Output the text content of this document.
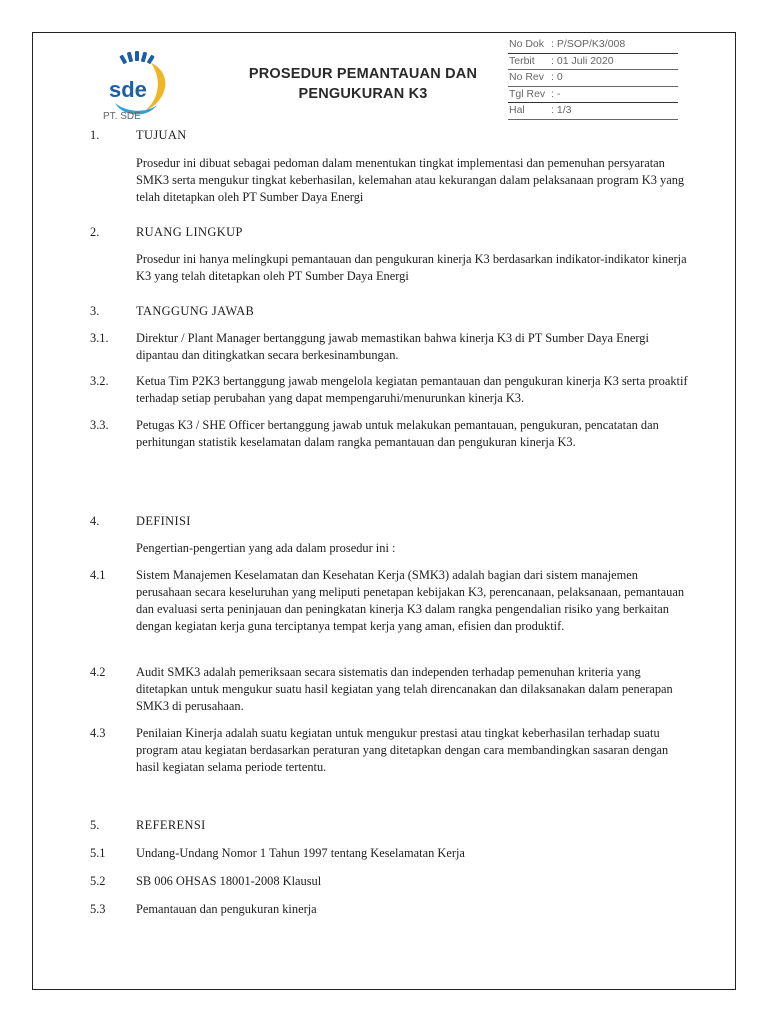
sde
PT. SDE
PROSEDUR PEMANTAUAN DAN
PENGUKURAN K3
No Dok : P/SOP/K3/008
Terbit	: 01 Juli 2020
No Rev : 0
Tgl Rev : -
Hal	: 1/3
1.	TUJUAN
Prosedur ini dibuat sebagai pedoman dalam menentukan tingkat implementasi dan pemenuhan persyaratan SMK3 serta mengukur tingkat keberhasilan, kelemahan atau kekurangan dalam pelaksanaan program K3 yang telah ditetapkan oleh PT Sumber Daya Energi
2.	RUANG LINGKUP
Prosedur ini hanya melingkupi pemantauan dan pengukuran kinerja K3 berdasarkan indikator-indikator kinerja K3 yang telah ditetapkan oleh PT Sumber Daya Energi
3.	TANGGUNG JAWAB
3.1. Direktur / Plant Manager bertanggung jawab memastikan bahwa kinerja K3 di PT Sumber Daya Energi dipantau dan ditingkatkan secara berkesinambungan.
3.2. Ketua Tim P2K3 bertanggung jawab mengelola kegiatan pemantauan dan pengukuran kinerja K3 serta proaktif terhadap setiap perubahan yang dapat mempengaruhi/menurunkan kinerja K3.
3.3. Petugas K3 / SHE Officer bertanggung jawab untuk melakukan pemantauan, pengukuran, pencatatan dan perhitungan statistik keselamatan dalam rangka pemantauan dan pengukuran kinerja K3.
4.	DEFINISI
Pengertian-pengertian yang ada dalam prosedur ini :
4.1 Sistem Manajemen Keselamatan dan Kesehatan Kerja (SMK3) adalah bagian dari sistem manajemen perusahaan secara keseluruhan yang meliputi penetapan kebijakan K3, perencanaan, pelaksanaan, pemantauan dan evaluasi serta peninjauan dan peningkatan kinerja K3 dalam rangka pengendalian risiko yang berkaitan dengan kegiatan kerja guna terciptanya tempat kerja yang aman, efisien dan produktif.
4.2 Audit SMK3 adalah pemeriksaan secara sistematis dan independen terhadap pemenuhan kriteria yang ditetapkan untuk mengukur suatu hasil kegiatan yang telah direncanakan dan dilaksanakan dalam penerapan SMK3 di perusahaan.
4.3 Penilaian Kinerja adalah suatu kegiatan untuk mengukur prestasi atau tingkat keberhasilan terhadap suatu program atau kegiatan berdasarkan peraturan yang ditetapkan dengan cara membandingkan sasaran dengan hasil kegiatan selama periode tertentu.
5.	REFERENSI
5.1 Undang-Undang Nomor 1 Tahun 1997 tentang Keselamatan Kerja
5.2 SB 006 OHSAS 18001-2008 Klausul
5.3 Pemantauan dan pengukuran kinerja
